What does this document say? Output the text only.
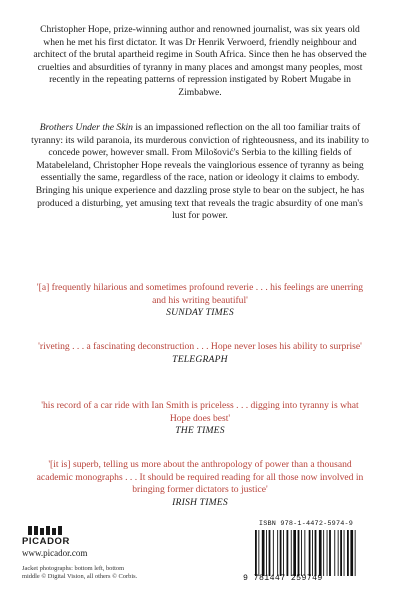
Christopher Hope, prize-winning author and renowned journalist, was six years old when he met his first dictator. It was Dr Henrik Verwoerd, friendly neighbour and architect of the brutal apartheid regime in South Africa. Since then he has observed the cruelties and absurdities of tyranny in many places and amongst many peoples, most recently in the repeating patterns of repression instigated by Robert Mugabe in Zimbabwe.

Brothers Under the Skin is an impassioned reflection on the all too familiar traits of tyranny: its wild paranoia, its murderous conviction of righteousness, and its inability to concede power, however small. From Milošović's Serbia to the killing fields of Matabeleland, Christopher Hope reveals the vainglorious essence of tyranny as being essentially the same, regardless of the race, nation or ideology it claims to embody. Bringing his unique experience and dazzling prose style to bear on the subject, he has produced a disturbing, yet amusing text that reveals the tragic absurdity of one man's lust for power.

'[a] frequently hilarious and sometimes profound reverie . . . his feelings are unerring and his writing beautiful'
SUNDAY TIMES
'riveting . . . a fascinating deconstruction . . . Hope never loses his ability to surprise'
TELEGRAPH
'his record of a car ride with Ian Smith is priceless . . . digging into tyranny is what Hope does best'
THE TIMES
'[it is] superb, telling us more about the anthropology of power than a thousand academic monographs . . . It should be required reading for all those now involved in bringing former dictators to justice'
IRISH TIMES
PICADOR
www.picador.com
Jacket photographs: bottom left, bottom middle © Digital Vision, all others © Corbis.
ISBN 978-1-4472-5974-9
9 781447 259749
